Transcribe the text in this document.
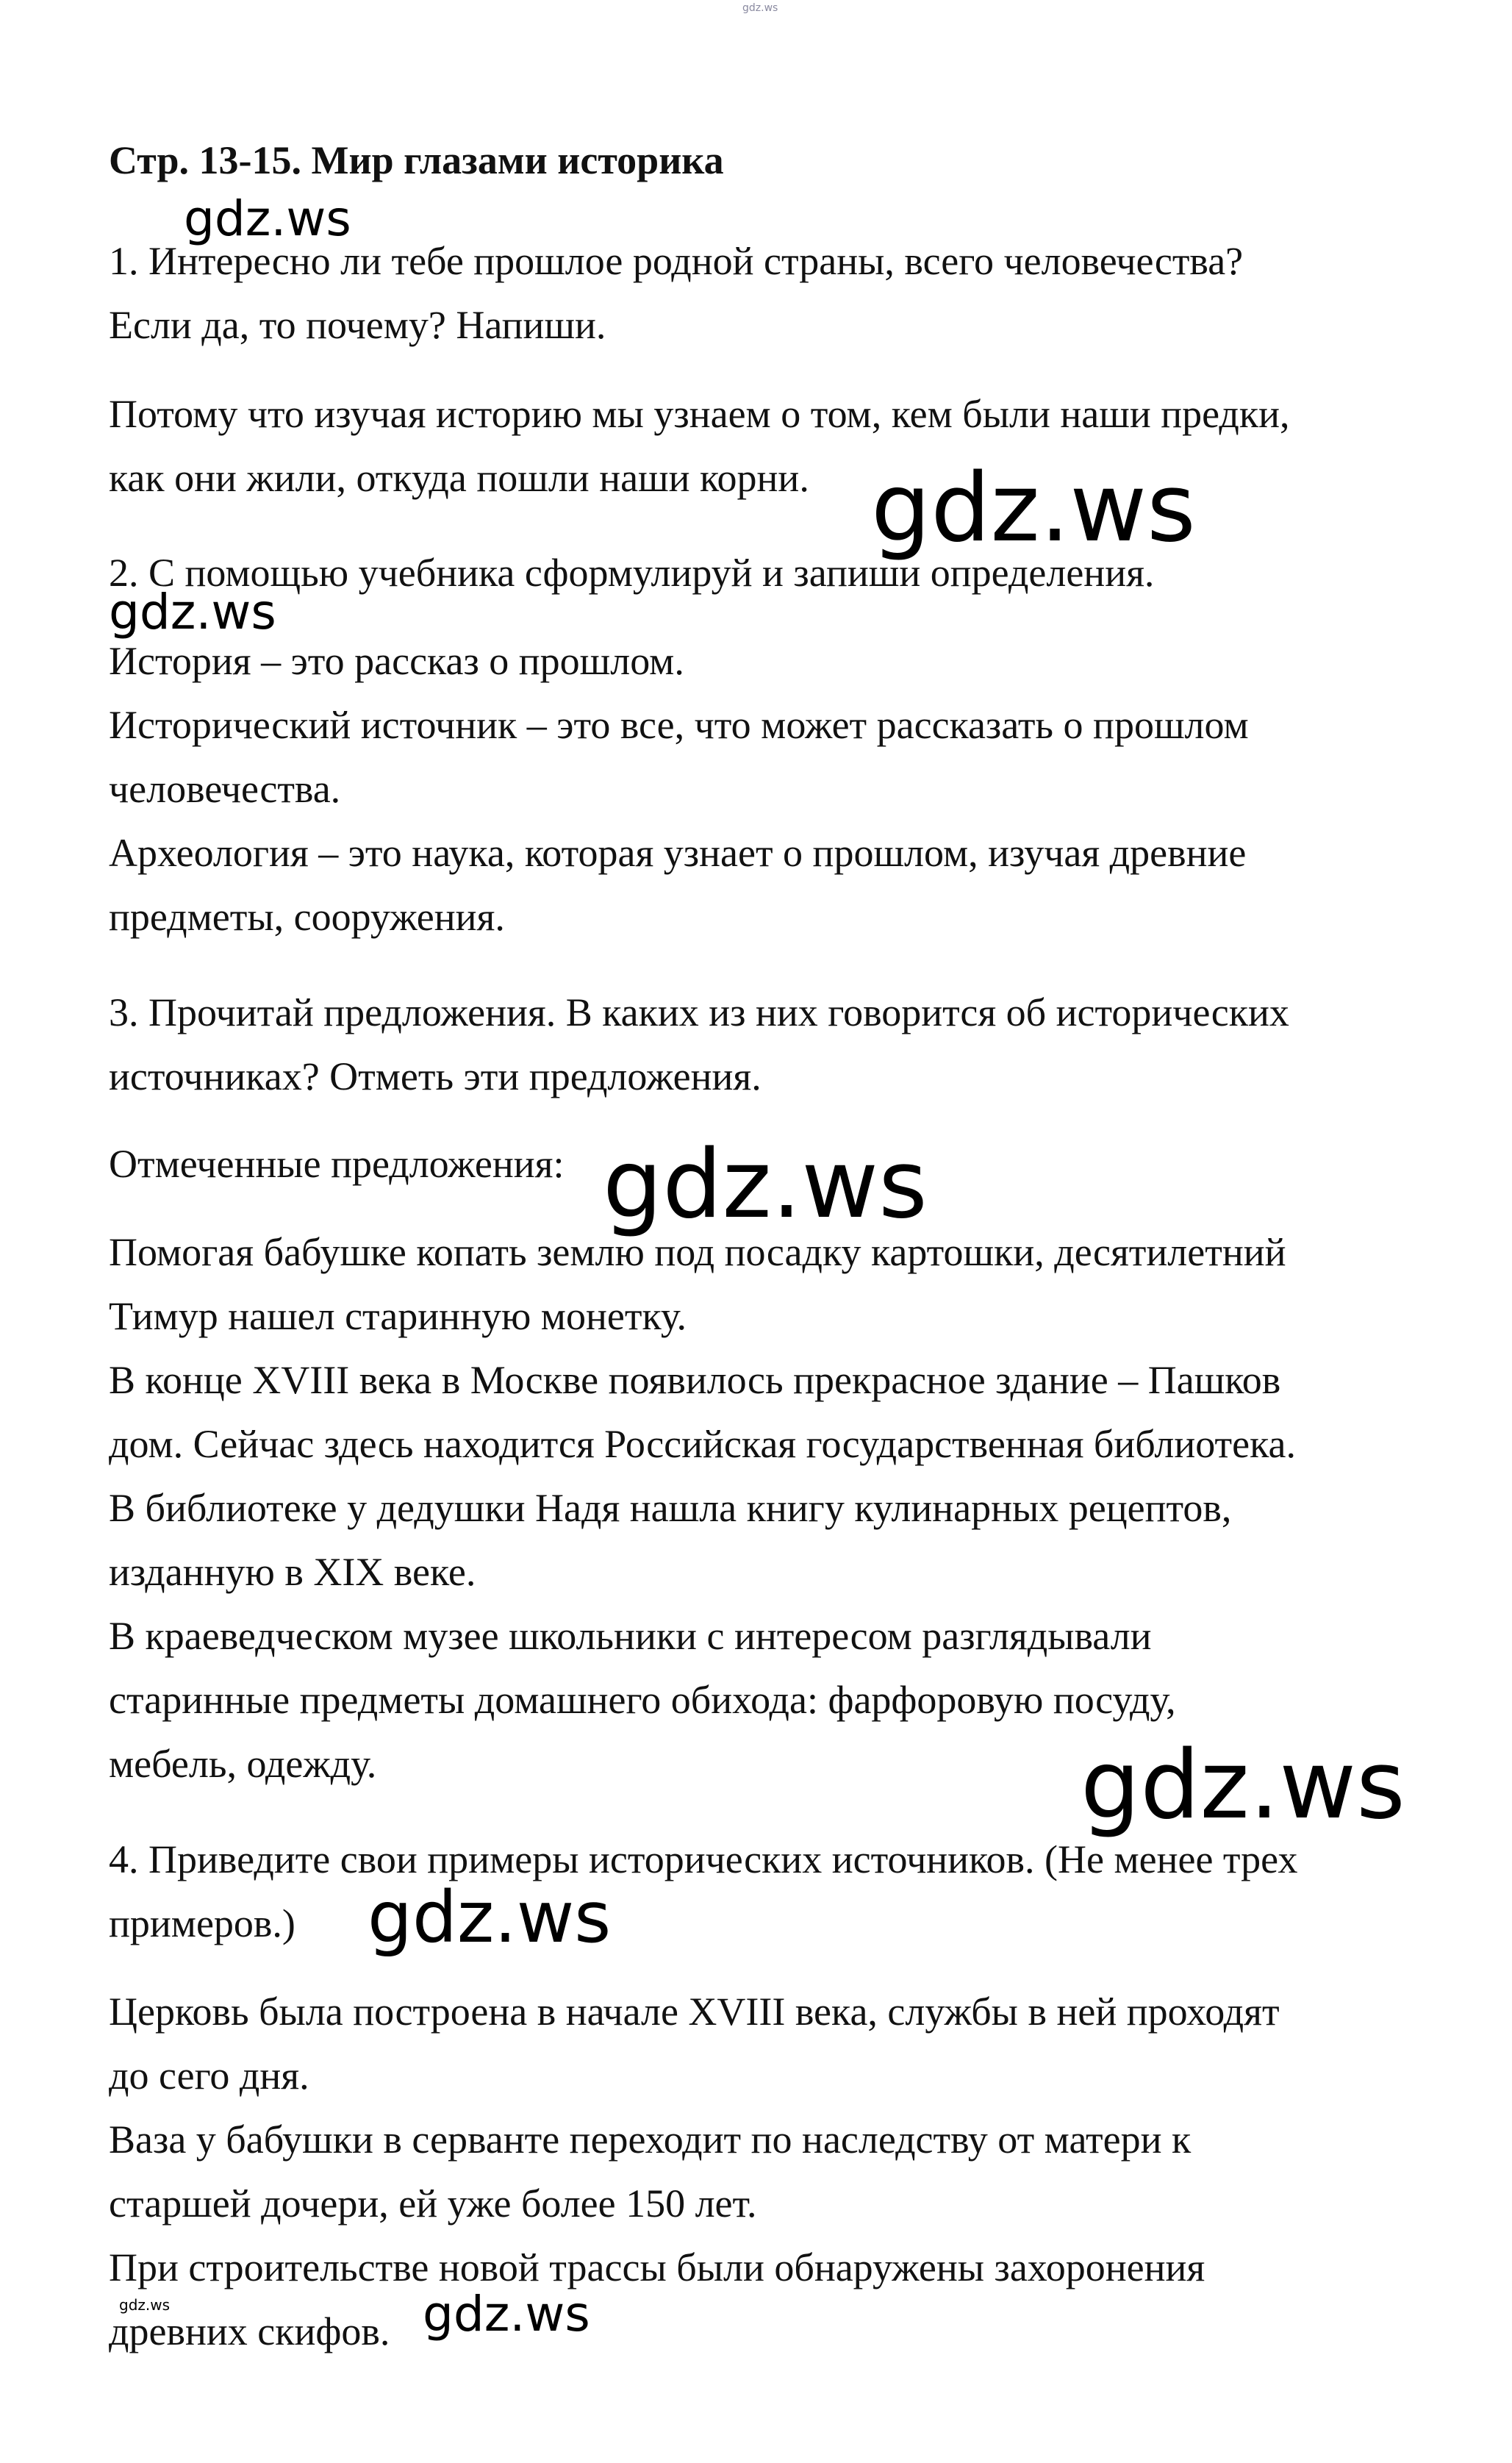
gdz.ws
Стр. 13-15. Мир глазами историка
1. Интересно ли тебе прошлое родной страны, всего человечества?
Если да, то почему? Напиши.
Потому что изучая историю мы узнаем о том, кем были наши предки,
как они жили, откуда пошли наши корни.
2. С помощью учебника сформулируй и запиши определения.
История – это рассказ о прошлом.
Исторический источник – это все, что может рассказать о прошлом
человечества.
Археология – это наука, которая узнает о прошлом, изучая древние
предметы, сооружения.
3. Прочитай предложения. В каких из них говорится об исторических
источниках? Отметь эти предложения.
Отмеченные предложения:
Помогая бабушке копать землю под посадку картошки, десятилетний
Тимур нашел старинную монетку.
В конце XVIII века в Москве появилось прекрасное здание – Пашков
дом. Сейчас здесь находится Российская государственная библиотека.
В библиотеке у дедушки Надя нашла книгу кулинарных рецептов,
изданную в XIX веке.
В краеведческом музее школьники с интересом разглядывали
старинные предметы домашнего обихода: фарфоровую посуду,
мебель, одежду.
4. Приведите свои примеры исторических источников. (Не менее трех
примеров.)
Церковь была построена в начале XVIII века, службы в ней проходят
до сего дня.
Ваза у бабушки в серванте переходит по наследству от матери к
старшей дочери, ей уже более 150 лет.
При строительстве новой трассы были обнаружены захоронения
древних скифов.
gdz.ws
gdz.ws
gdz.ws
gdz.ws
gdz.ws
gdz.ws
gdz.ws
gdz.ws
